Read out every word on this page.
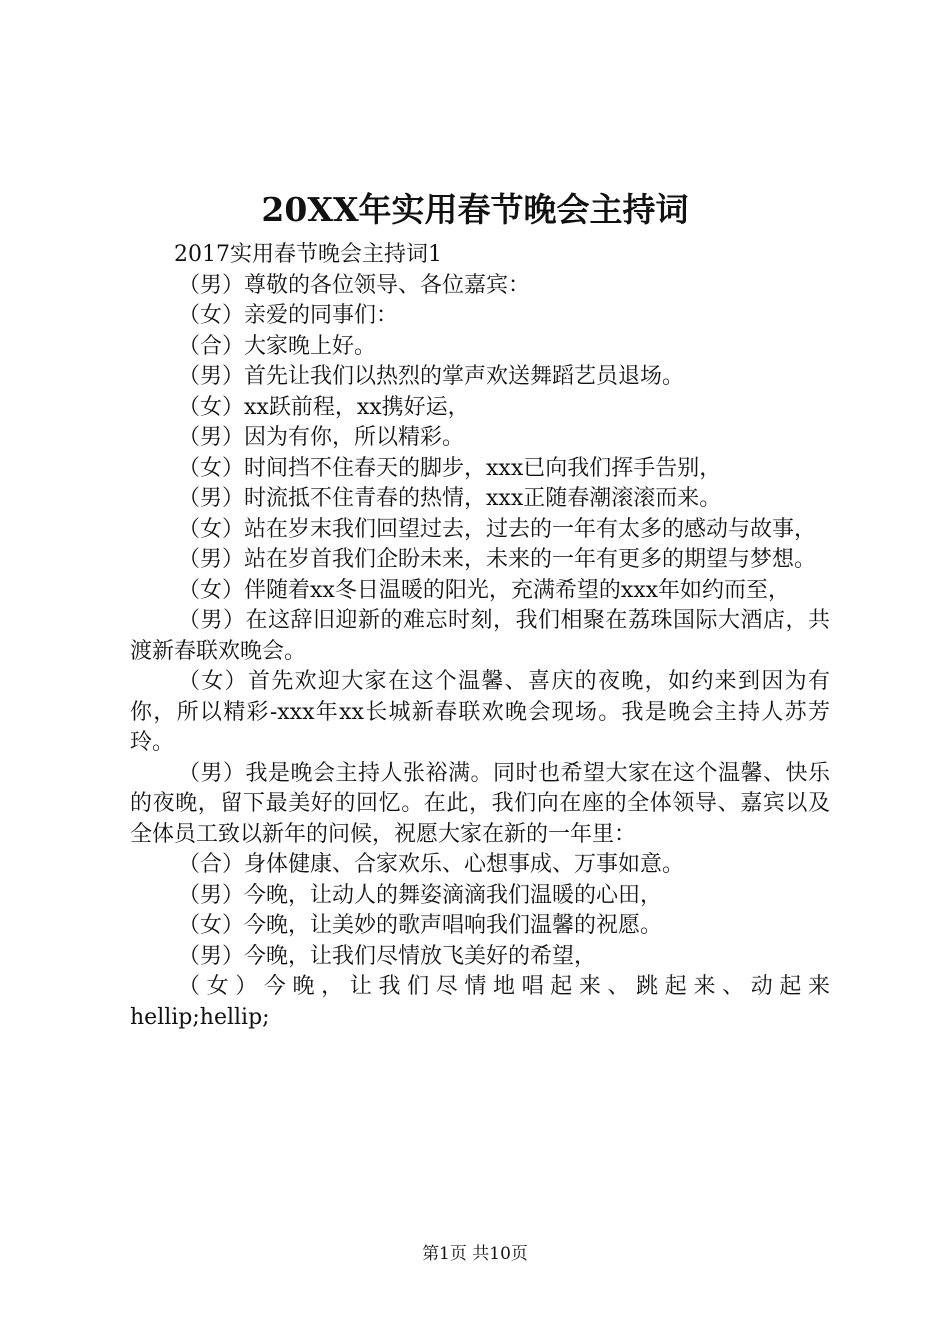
20XX年实用春节晚会主持词

2017实用春节晚会主持词1

（男）尊敬的各位领导、各位嘉宾：

（女）亲爱的同事们：

（合）大家晚上好。

（男）首先让我们以热烈的掌声欢送舞蹈艺员退场。

（女）xx跃前程，xx携好运，

（男）因为有你，所以精彩。

（女）时间挡不住春天的脚步，xxx已向我们挥手告别，

（男）时流抵不住青春的热情，xxx正随春潮滚滚而来。

（女）站在岁末我们回望过去，过去的一年有太多的感动与故事，

（男）站在岁首我们企盼未来，未来的一年有更多的期望与梦想。

（女）伴随着xx冬日温暖的阳光，充满希望的xxx年如约而至，

（男）在这辞旧迎新的难忘时刻，我们相聚在荔珠国际大酒店，共渡新春联欢晚会。

（女）首先欢迎大家在这个温馨、喜庆的夜晚，如约来到因为有你，所以精彩-xxx年xx长城新春联欢晚会现场。我是晚会主持人苏芳玲。

（男）我是晚会主持人张裕满。同时也希望大家在这个温馨、快乐的夜晚，留下最美好的回忆。在此，我们向在座的全体领导、嘉宾以及全体员工致以新年的问候，祝愿大家在新的一年里：

（合）身体健康、合家欢乐、心想事成、万事如意。

（男）今晚，让动人的舞姿滴滴我们温暖的心田，

（女）今晚，让美妙的歌声唱响我们温馨的祝愿。

（男）今晚，让我们尽情放飞美好的希望，

（女）今晚，让我们尽情地唱起来、跳起来、动起来

hellip;hellip;

第1页 共10页
